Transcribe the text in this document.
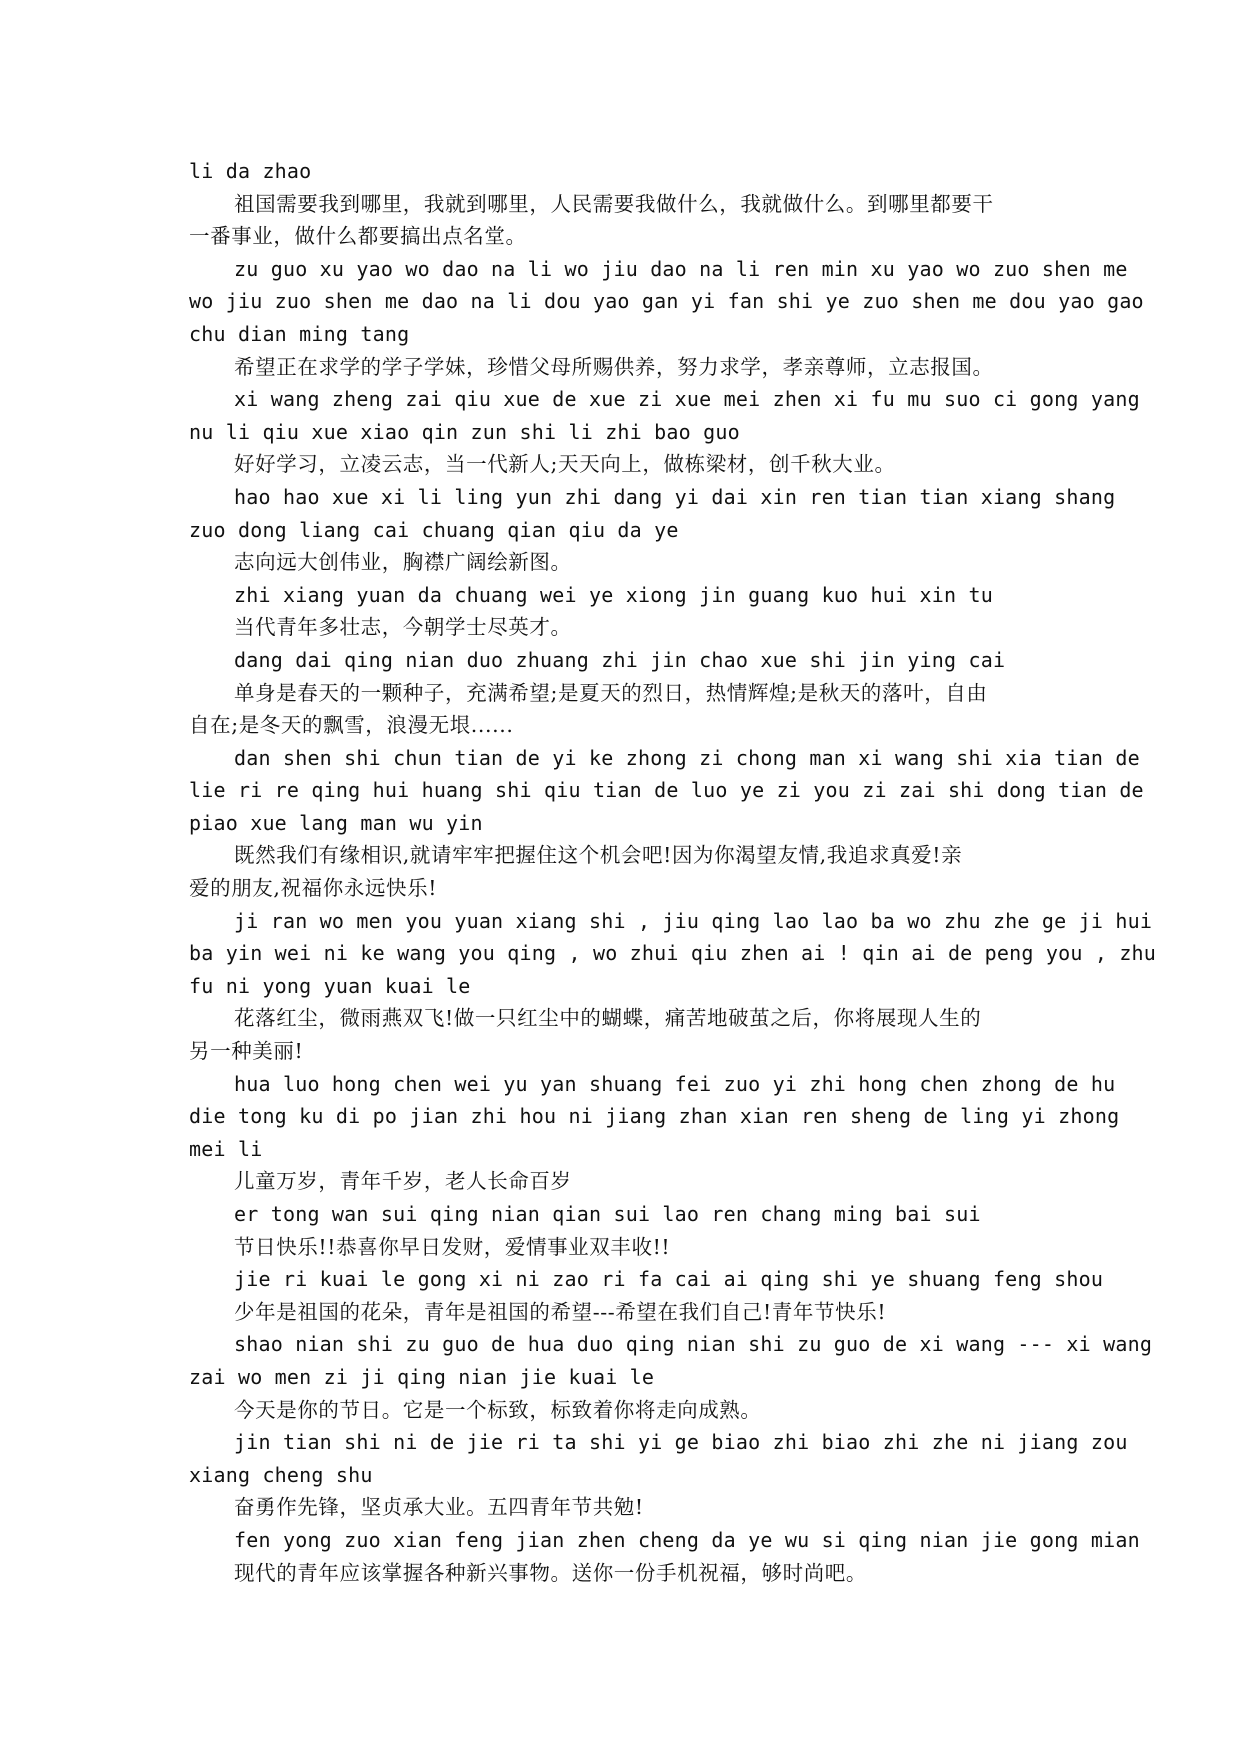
li da zhao
祖国需要我到哪里，我就到哪里，人民需要我做什么，我就做什么。到哪里都要干
一番事业，做什么都要搞出点名堂。
zu guo xu yao wo dao na li wo jiu dao na li ren min xu yao wo zuo shen me
wo jiu zuo shen me dao na li dou yao gan yi fan shi ye zuo shen me dou yao gao
chu dian ming tang
希望正在求学的学子学妹，珍惜父母所赐供养，努力求学，孝亲尊师，立志报国。
xi wang zheng zai qiu xue de xue zi xue mei zhen xi fu mu suo ci gong yang
nu li qiu xue xiao qin zun shi li zhi bao guo
好好学习，立凌云志，当一代新人;天天向上，做栋梁材，创千秋大业。
hao hao xue xi li ling yun zhi dang yi dai xin ren tian tian xiang shang
zuo dong liang cai chuang qian qiu da ye
志向远大创伟业，胸襟广阔绘新图。
zhi xiang yuan da chuang wei ye xiong jin guang kuo hui xin tu
当代青年多壮志，今朝学士尽英才。
dang dai qing nian duo zhuang zhi jin chao xue shi jin ying cai
单身是春天的一颗种子，充满希望;是夏天的烈日，热情辉煌;是秋天的落叶，自由
自在;是冬天的飘雪，浪漫无垠......
dan shen shi chun tian de yi ke zhong zi chong man xi wang shi xia tian de
lie ri re qing hui huang shi qiu tian de luo ye zi you zi zai shi dong tian de
piao xue lang man wu yin
既然我们有缘相识,就请牢牢把握住这个机会吧!因为你渴望友情,我追求真爱!亲
爱的朋友,祝福你永远快乐!
ji ran wo men you yuan xiang shi , jiu qing lao lao ba wo zhu zhe ge ji hui
ba yin wei ni ke wang you qing , wo zhui qiu zhen ai ! qin ai de peng you , zhu
fu ni yong yuan kuai le
花落红尘，微雨燕双飞!做一只红尘中的蝴蝶，痛苦地破茧之后，你将展现人生的
另一种美丽!
hua luo hong chen wei yu yan shuang fei zuo yi zhi hong chen zhong de hu
die tong ku di po jian zhi hou ni jiang zhan xian ren sheng de ling yi zhong
mei li
儿童万岁，青年千岁，老人长命百岁
er tong wan sui qing nian qian sui lao ren chang ming bai sui
节日快乐!!恭喜你早日发财，爱情事业双丰收!!
jie ri kuai le gong xi ni zao ri fa cai ai qing shi ye shuang feng shou
少年是祖国的花朵，青年是祖国的希望---希望在我们自己!青年节快乐!
shao nian shi zu guo de hua duo qing nian shi zu guo de xi wang --- xi wang
zai wo men zi ji qing nian jie kuai le
今天是你的节日。它是一个标致，标致着你将走向成熟。
jin tian shi ni de jie ri ta shi yi ge biao zhi biao zhi zhe ni jiang zou
xiang cheng shu
奋勇作先锋，坚贞承大业。五四青年节共勉!
fen yong zuo xian feng jian zhen cheng da ye wu si qing nian jie gong mian
现代的青年应该掌握各种新兴事物。送你一份手机祝福，够时尚吧。
